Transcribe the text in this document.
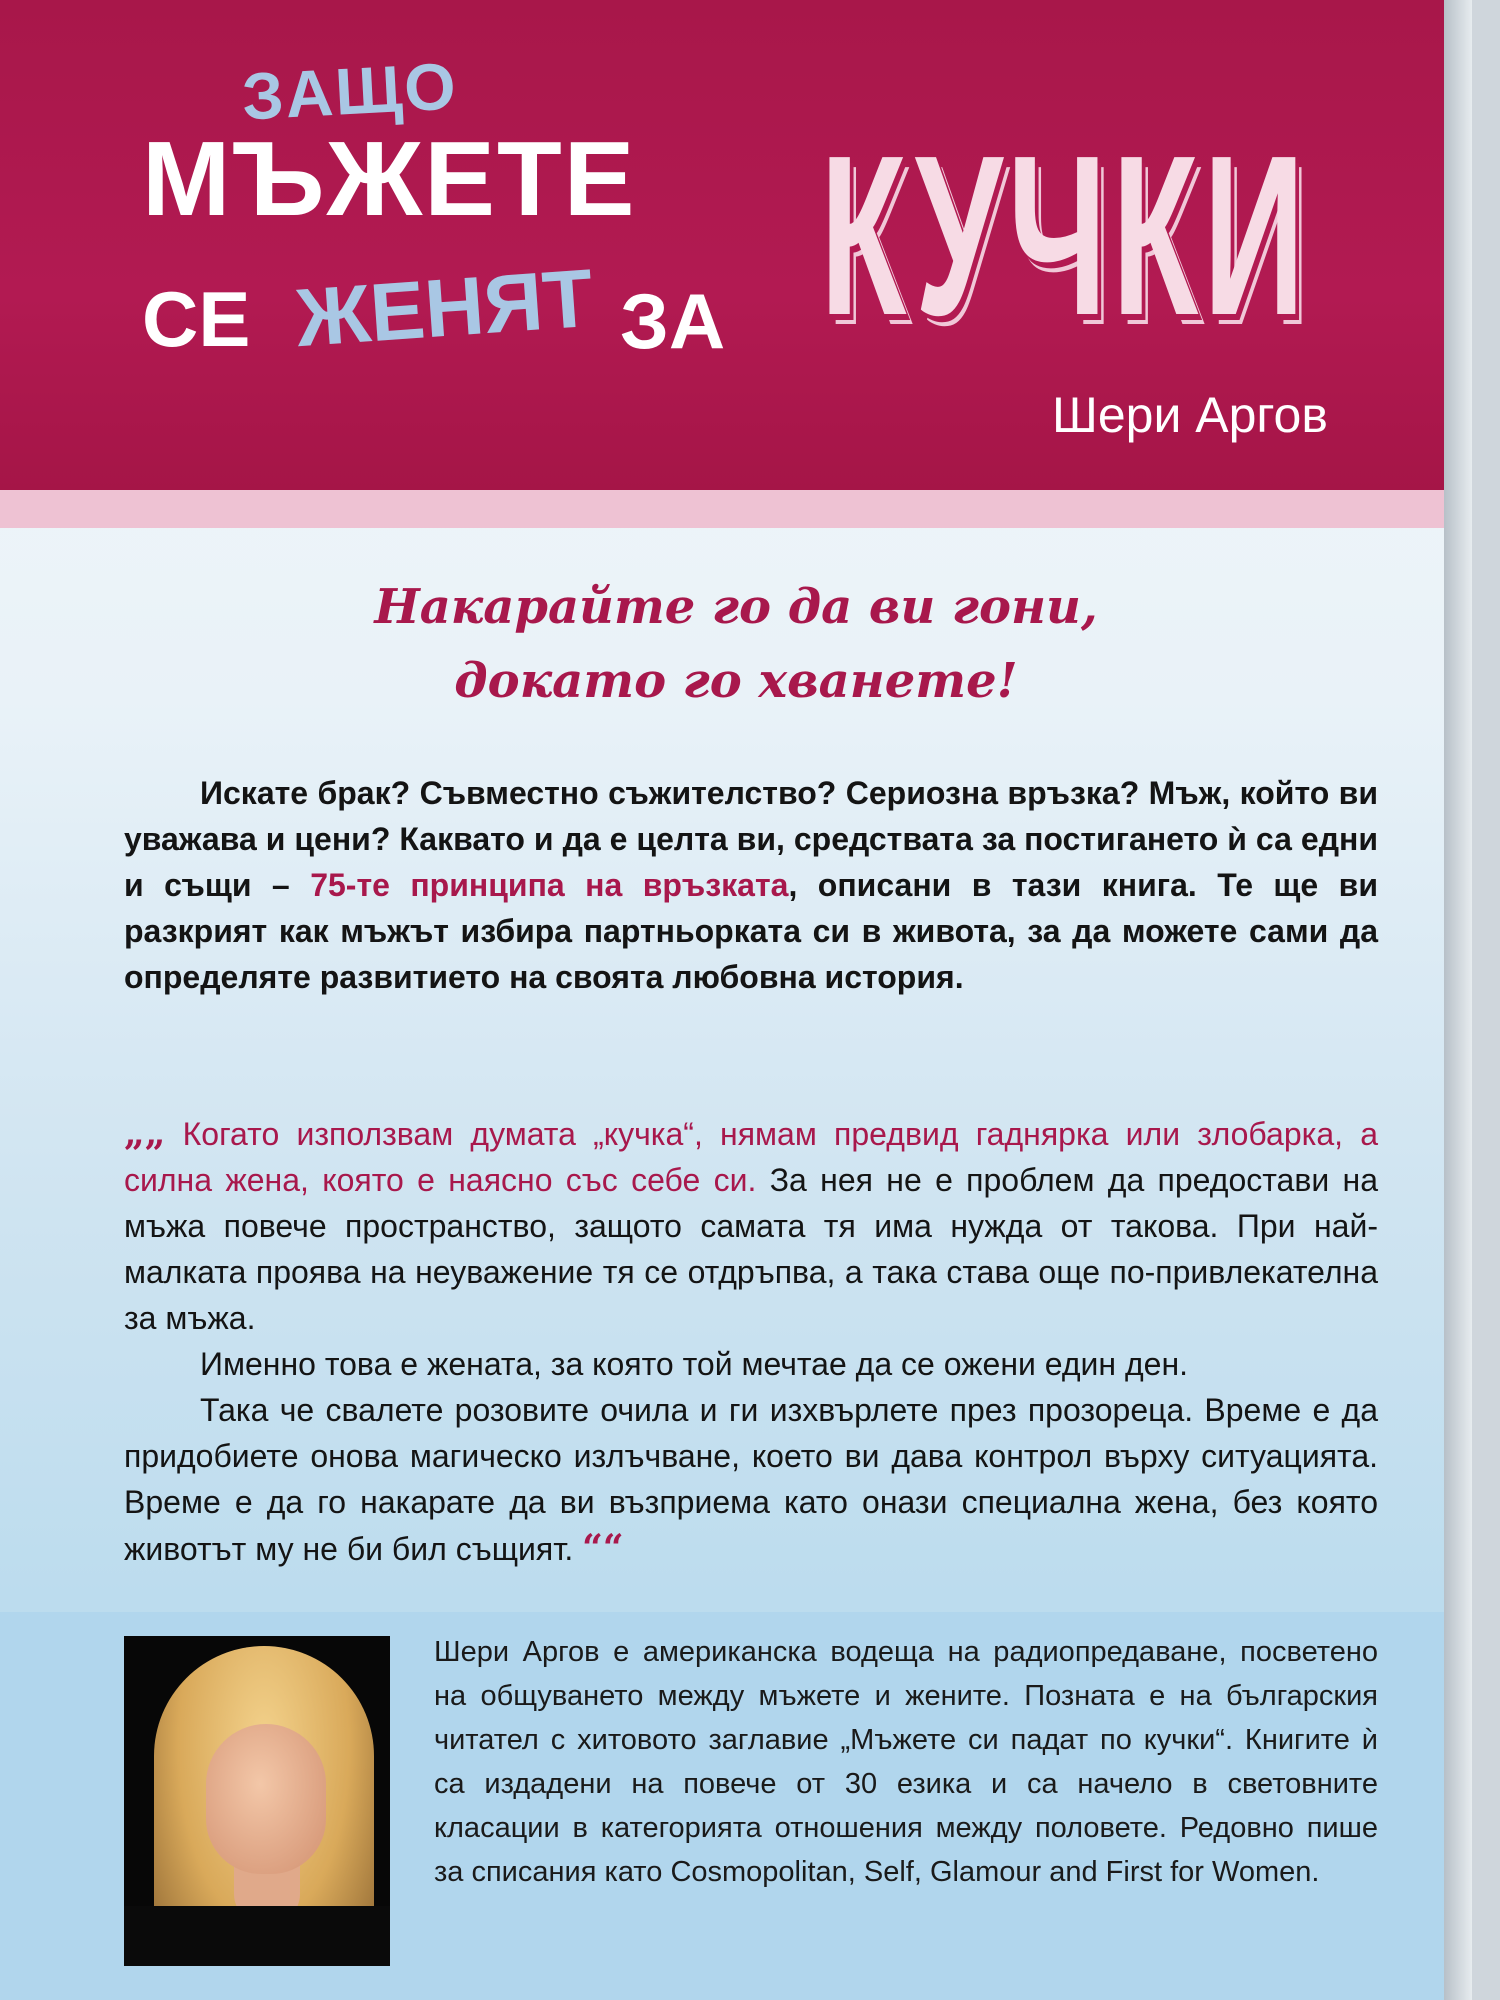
ЗАЩО
МЪЖЕТЕ
СЕ ЖЕНЯТ ЗА КУЧКИ
Шери Аргов
Накарайте го да ви гони,
докато го хванете!

Искате брак? Съвместно съжителство? Сериозна връзка? Мъж, който ви уважава и цени? Каквато и да е целта ви, средствата за постигането ѝ са едни и същи – 75-те принципа на връзката, описани в тази книга. Те ще ви разкрият как мъжът избира партньорката си в живота, за да можете сами да определяте развитието на своята любовна история.

„„ Когато използвам думата „кучка“, нямам предвид гаднярка или злобарка, а силна жена, която е наясно със себе си. За нея не е проблем да предостави на мъжа повече пространство, защото самата тя има нужда от такова. При най-малката проява на неуважение тя се отдръпва, а така става още по-привлекателна за мъжа.

Именно това е жената, за която той мечтае да се ожени един ден.

Така че свалете розовите очила и ги изхвърлете през прозореца. Време е да придобиете онова магическо излъчване, което ви дава контрол върху ситуацията. Време е да го накарате да ви възприема като онази специална жена, без която животът му не би бил същият. ““

Шери Аргов е американска водеща на радиопредаване, посветено на общуването между мъжете и жените. Позната е на българския читател с хитовото заглавие „Мъжете си падат по кучки“. Книгите ѝ са издадени на повече от 30 езика и са начело в световните класации в категорията отношения между половете. Редовно пише за списания като Cosmopolitan, Self, Glamour and First for Women.
